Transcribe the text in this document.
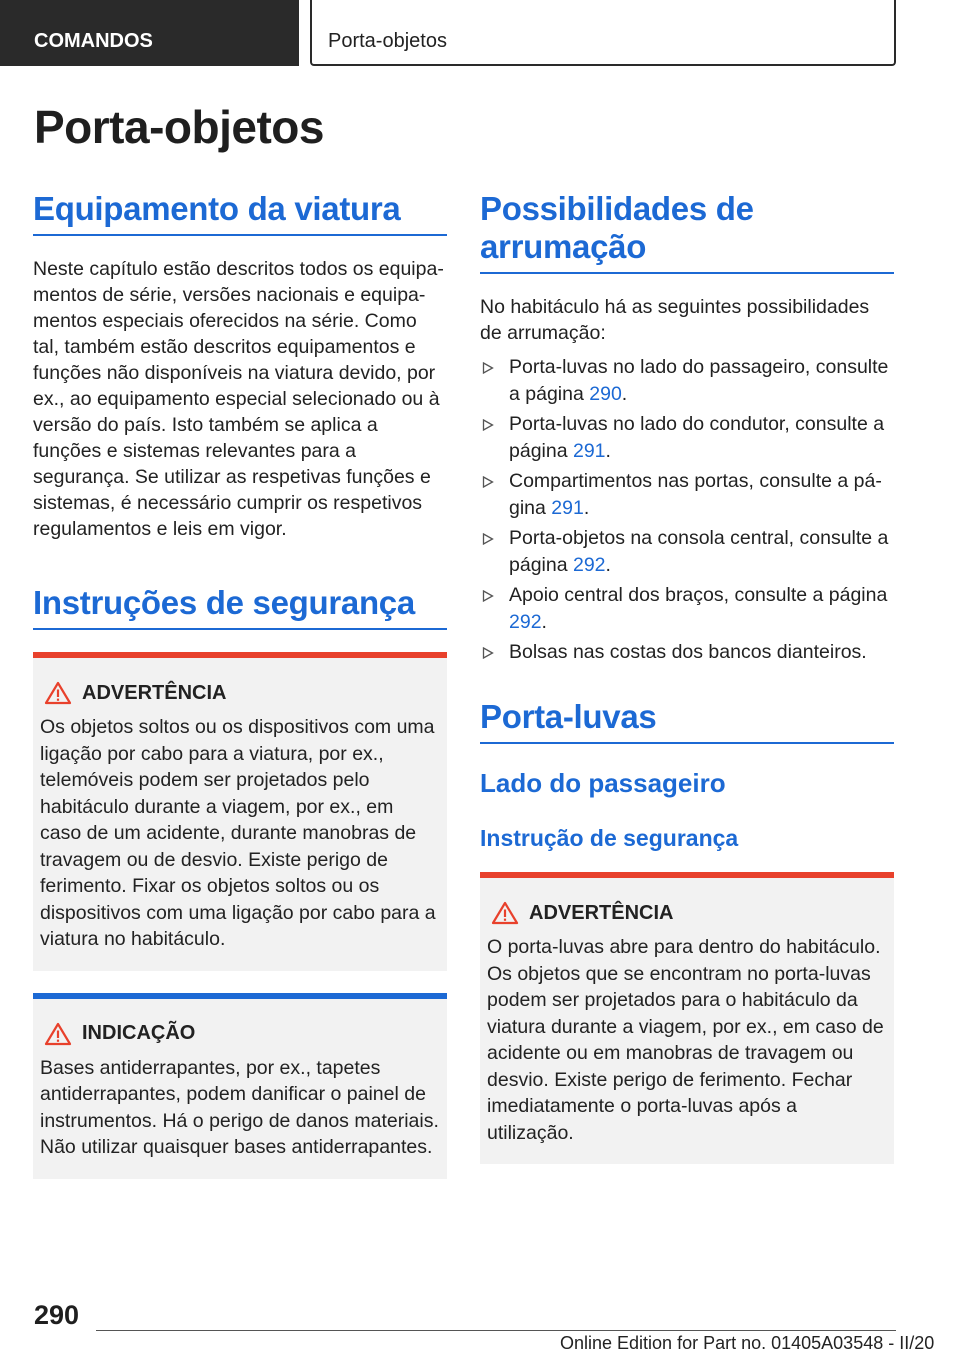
COMANDOS	Porta-objetos
Porta-objetos
Equipamento da viatura

Neste capítulo estão descritos todos os equipamentos de série, versões nacionais e equipamentos especiais oferecidos na série. Como tal, também estão descritos equipamentos e funções não disponíveis na viatura devido, por ex., ao equipamento especial selecionado ou à versão do país. Isto também se aplica a funções e sistemas relevantes para a segurança. Se utilizar as respetivas funções e sistemas, é necessário cumprir os respetivos regulamentos e leis em vigor.

Instruções de segurança
ADVERTÊNCIA

Os objetos soltos ou os dispositivos com uma ligação por cabo para a viatura, por ex., telemóveis podem ser projetados pelo habitáculo durante a viagem, por ex., em caso de um acidente, durante manobras de travagem ou de desvio. Existe perigo de ferimento. Fixar os objetos soltos ou os dispositivos com uma ligação por cabo para a viatura no habitáculo.

INDICAÇÃO

Bases antiderrapantes, por ex., tapetes antiderrapantes, podem danificar o painel de instrumentos. Há o perigo de danos materiais. Não utilizar quaisquer bases antiderrapantes.

Possibilidades de arrumação

No habitáculo há as seguintes possibilidades de arrumação:

Porta-luvas no lado do passageiro, consulte a página 290.
Porta-luvas no lado do condutor, consulte a página 291.
Compartimentos nas portas, consulte a página 291.
Porta-objetos na consola central, consulte a página 292.
Apoio central dos braços, consulte a página 292.
Bolsas nas costas dos bancos dianteiros.
Porta-luvas
Lado do passageiro
Instrução de segurança
ADVERTÊNCIA

O porta-luvas abre para dentro do habitáculo. Os objetos que se encontram no porta-luvas podem ser projetados para o habitáculo da viatura durante a viagem, por ex., em caso de acidente ou em manobras de travagem ou desvio. Existe perigo de ferimento. Fechar imediatamente o porta-luvas após a utilização.

290
Online Edition for Part no. 01405A03548 - II/20
